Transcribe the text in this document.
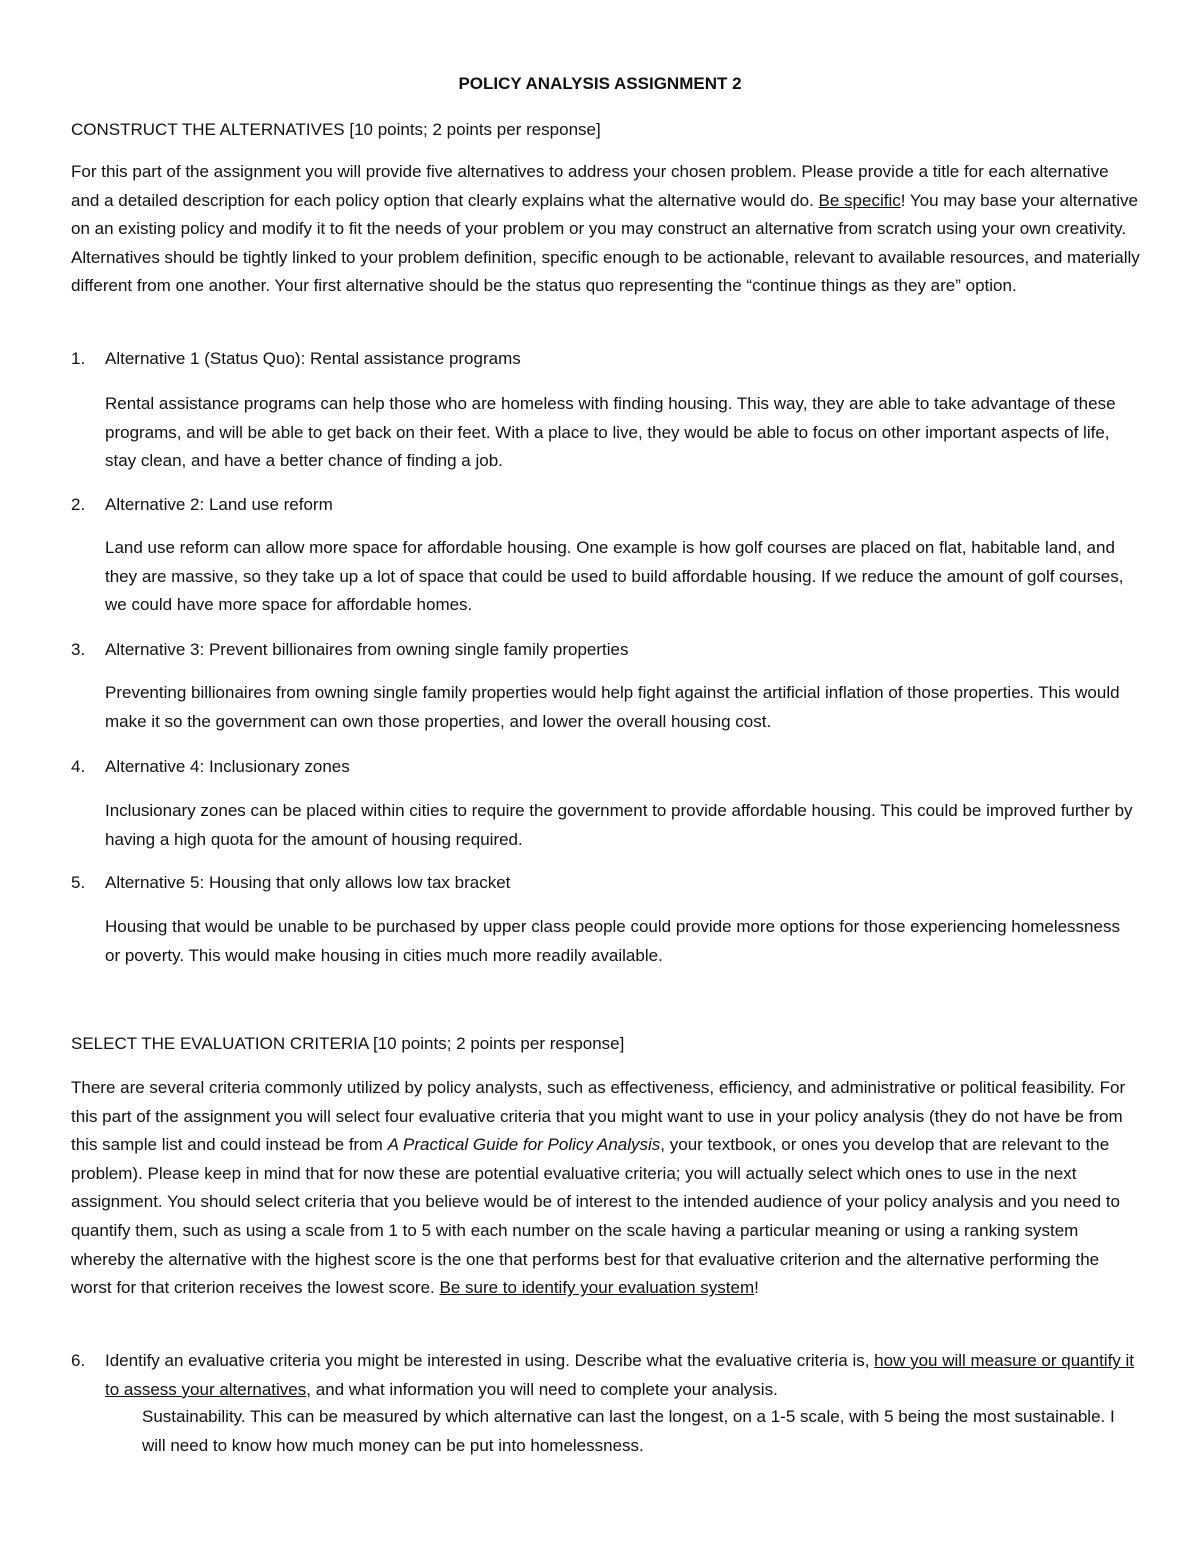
POLICY ANALYSIS ASSIGNMENT 2

CONSTRUCT THE ALTERNATIVES [10 points; 2 points per response]

For this part of the assignment you will provide five alternatives to address your chosen problem. Please provide a title for each alternative and a detailed description for each policy option that clearly explains what the alternative would do. Be specific! You may base your alternative on an existing policy and modify it to fit the needs of your problem or you may construct an alternative from scratch using your own creativity. Alternatives should be tightly linked to your problem definition, specific enough to be actionable, relevant to available resources, and materially different from one another. Your first alternative should be the status quo representing the “continue things as they are” option.

1.	Alternative 1 (Status Quo): Rental assistance programs

Rental assistance programs can help those who are homeless with finding housing. This way, they are able to take advantage of these programs, and will be able to get back on their feet. With a place to live, they would be able to focus on other important aspects of life, stay clean, and have a better chance of finding a job.

2.	Alternative 2: Land use reform

Land use reform can allow more space for affordable housing. One example is how golf courses are placed on flat, habitable land, and they are massive, so they take up a lot of space that could be used to build affordable housing. If we reduce the amount of golf courses, we could have more space for affordable homes.

3.	Alternative 3: Prevent billionaires from owning single family properties

Preventing billionaires from owning single family properties would help fight against the artificial inflation of those properties. This would make it so the government can own those properties, and lower the overall housing cost.

4.	Alternative 4: Inclusionary zones

Inclusionary zones can be placed within cities to require the government to provide affordable housing. This could be improved further by having a high quota for the amount of housing required.

5.	Alternative 5: Housing that only allows low tax bracket

Housing that would be unable to be purchased by upper class people could provide more options for those experiencing homelessness or poverty. This would make housing in cities much more readily available.

SELECT THE EVALUATION CRITERIA [10 points; 2 points per response]

There are several criteria commonly utilized by policy analysts, such as effectiveness, efficiency, and administrative or political feasibility. For this part of the assignment you will select four evaluative criteria that you might want to use in your policy analysis (they do not have be from this sample list and could instead be from A Practical Guide for Policy Analysis, your textbook, or ones you develop that are relevant to the problem). Please keep in mind that for now these are potential evaluative criteria; you will actually select which ones to use in the next assignment. You should select criteria that you believe would be of interest to the intended audience of your policy analysis and you need to quantify them, such as using a scale from 1 to 5 with each number on the scale having a particular meaning or using a ranking system whereby the alternative with the highest score is the one that performs best for that evaluative criterion and the alternative performing the worst for that criterion receives the lowest score. Be sure to identify your evaluation system!

6.	Identify an evaluative criteria you might be interested in using. Describe what the evaluative criteria is, how you will measure or quantify it to assess your alternatives, and what information you will need to complete your analysis.

Sustainability. This can be measured by which alternative can last the longest, on a 1-5 scale, with 5 being the most sustainable. I will need to know how much money can be put into homelessness.
